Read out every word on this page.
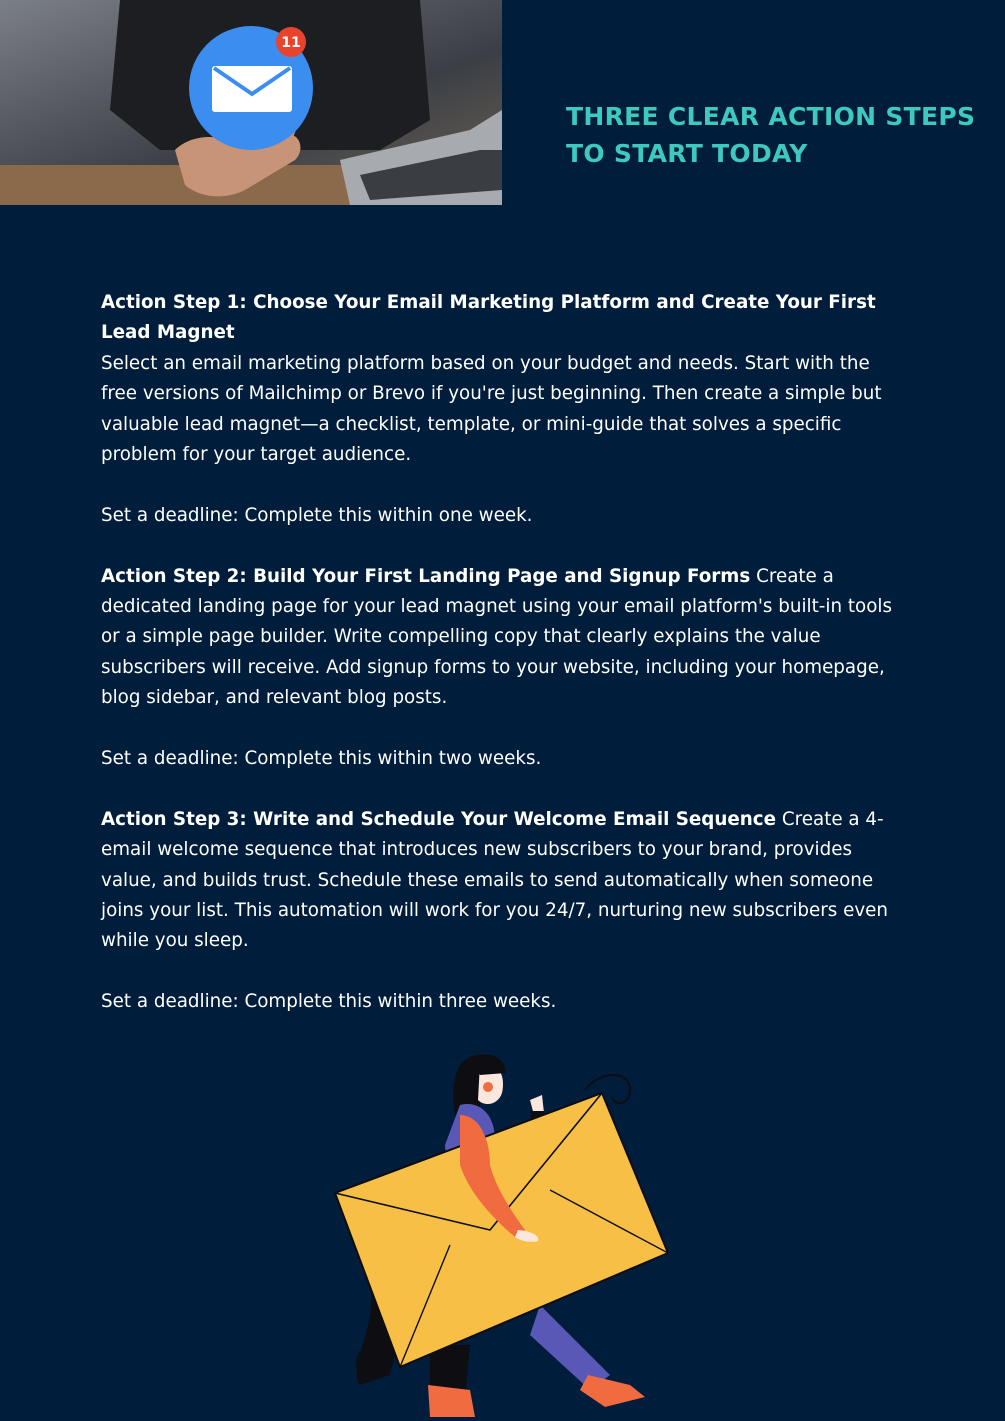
11
THREE CLEAR ACTION STEPS
TO START TODAY

Action Step 1: Choose Your Email Marketing Platform and Create Your First Lead Magnet
Select an email marketing platform based on your budget and needs. Start with the free versions of Mailchimp or Brevo if you're just beginning. Then create a simple but valuable lead magnet—a checklist, template, or mini-guide that solves a specific problem for your target audience.

Set a deadline: Complete this within one week.

Action Step 2: Build Your First Landing Page and Signup Forms Create a dedicated landing page for your lead magnet using your email platform's built-in tools or a simple page builder. Write compelling copy that clearly explains the value subscribers will receive. Add signup forms to your website, including your homepage, blog sidebar, and relevant blog posts.

Set a deadline: Complete this within two weeks.

Action Step 3: Write and Schedule Your Welcome Email Sequence Create a 4-email welcome sequence that introduces new subscribers to your brand, provides value, and builds trust. Schedule these emails to send automatically when someone joins your list. This automation will work for you 24/7, nurturing new subscribers even while you sleep.

Set a deadline: Complete this within three weeks.
